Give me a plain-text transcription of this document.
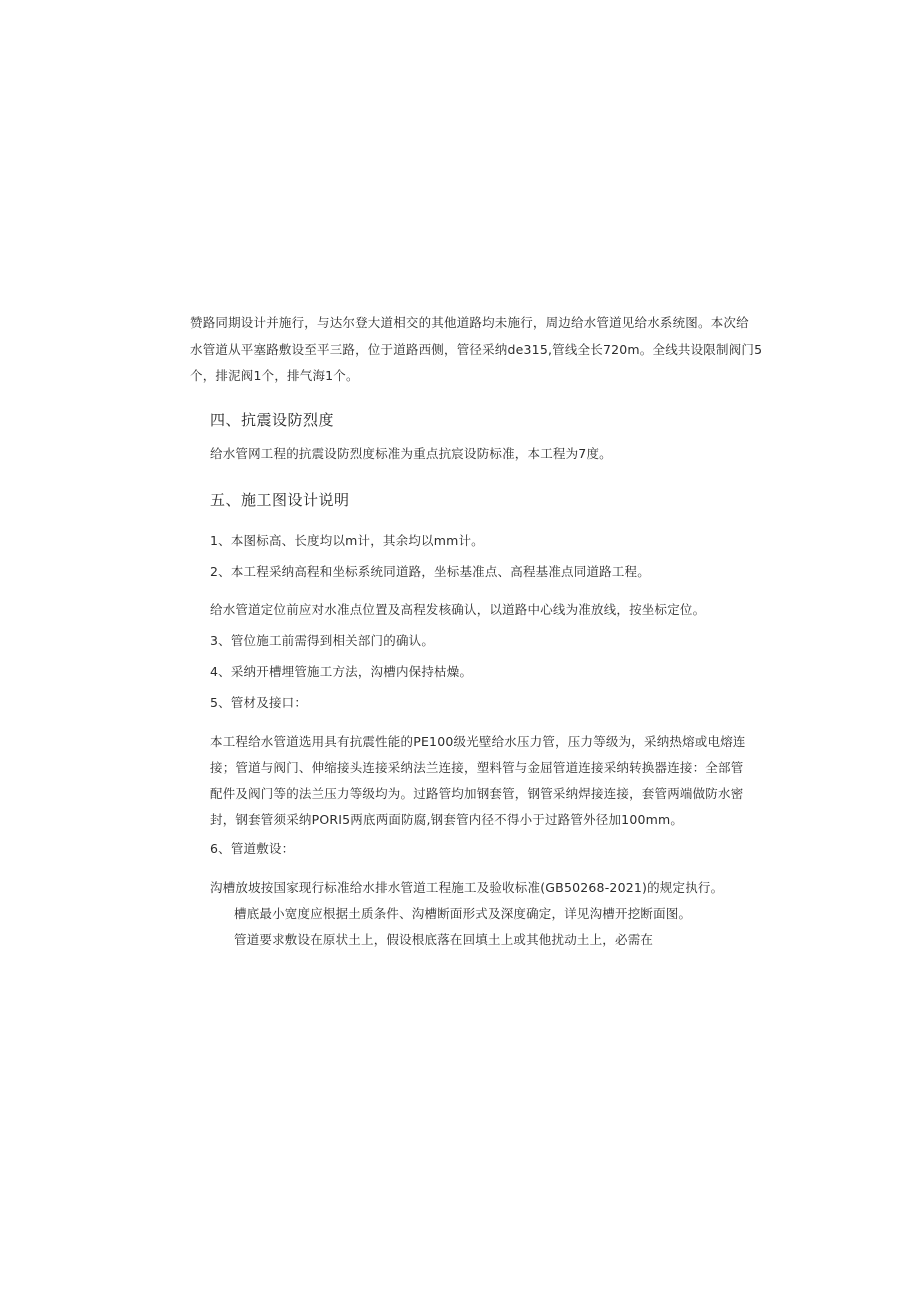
赞路同期设计并施行，与达尔登大道相交的其他道路均未施行，周边给水管道见给水系统图。本次给
水管道从平塞路敷设至平三路，位于道路西侧，管径采纳de315,管线全长720m。全线共设限制阀门5
个，排泥阀1个，排气海1个。
四、抗震设防烈度
给水管网工程的抗震设防烈度标准为重点抗宸设防标准，本工程为7度。
五、施工图设计说明
1、本图标高、长度均以m计，其余均以mm计。
2、本工程采纳高程和坐标系统同道路，坐标基准点、高程基准点同道路工程。
给水管道定位前应对水准点位置及高程发核确认，以道路中心线为准放线，按坐标定位。
3、管位施工前需得到相关部门的确认。
4、采纳开槽埋管施工方法，沟槽内保持枯燥。
5、管材及接口：
本工程给水管道选用具有抗震性能的PE100级光壁给水压力管，压力等级为，采纳热熔或电熔连
接；管道与阀门、伸缩接头连接采纳法兰连接，塑料管与金屈管道连接采纳转换器连接：全部管
配件及阀门等的法兰压力等级均为。过路管均加钢套管，钢管采纳焊接连接，套管两端做防水密
封，钢套管须采纳PORI5两底两面防腐,钢套管内径不得小于过路管外径加100mm。
6、管道敷设：
沟槽放坡按国家现行标准给水排水管道工程施工及验收标准(GB50268-2021)的规定执行。
槽底最小宽度应根据土质条件、沟槽断面形式及深度确定，详见沟槽开挖断面图。
管道要求敷设在原状土上，假设根底落在回填土上或其他扰动土上，必需在
